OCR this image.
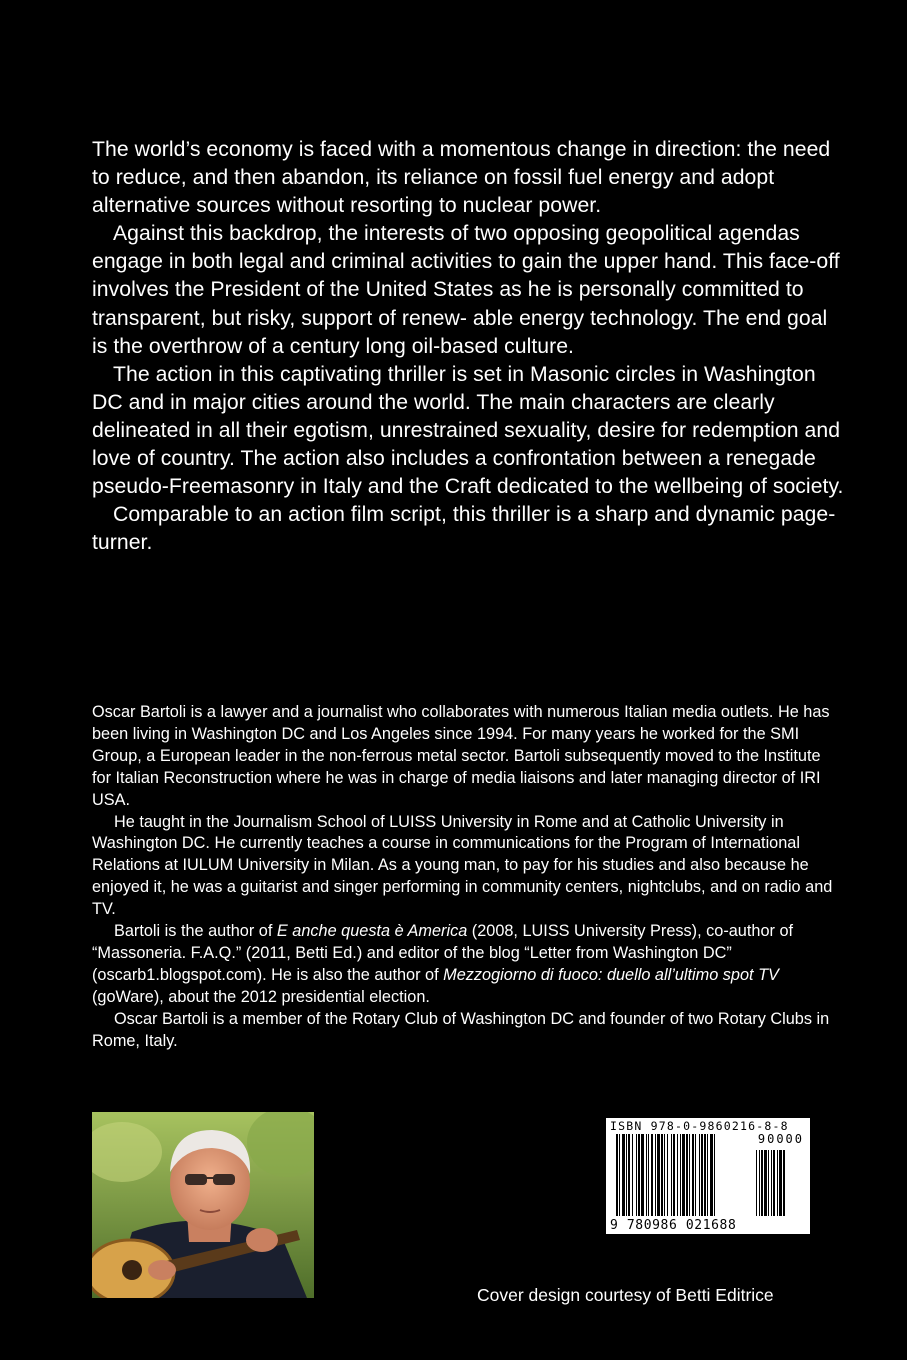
The world’s economy is faced with a momentous change in direction: the need to reduce, and then abandon, its reliance on fossil fuel energy and adopt alternative sources without resorting to nuclear power.

Against this backdrop, the interests of two opposing geopolitical agendas engage in both legal and criminal activities to gain the upper hand. This face-off involves the President of the United States as he is personally committed to transparent, but risky, support of renew- able energy technology. The end goal is the overthrow of a century long oil-based culture.

The action in this captivating thriller is set in Masonic circles in Washington DC and in major cities around the world. The main characters are clearly delineated in all their egotism, unrestrained sexuality, desire for redemption and love of country. The action also includes a confrontation between a renegade pseudo-Freemasonry in Italy and the Craft dedicated to the wellbeing of society.

Comparable to an action film script, this thriller is a sharp and dynamic page-turner.

Oscar Bartoli is a lawyer and a journalist who collaborates with numerous Italian media outlets. He has been living in Washington DC and Los Angeles since 1994. For many years he worked for the SMI Group, a European leader in the non-ferrous metal sector. Bartoli subsequently moved to the Institute for Italian Reconstruction where he was in charge of media liaisons and later managing director of IRI USA.

He taught in the Journalism School of LUISS University in Rome and at Catholic University in Washington DC. He currently teaches a course in communications for the Program of International Relations at IULUM University in Milan. As a young man, to pay for his studies and also because he enjoyed it, he was a guitarist and singer performing in community centers, nightclubs, and on radio and TV.

Bartoli is the author of E anche questa è America (2008, LUISS University Press), co-author of “Massoneria. F.A.Q.” (2011, Betti Ed.) and editor of the blog “Letter from Washington DC” (oscarb1.blogspot.com). He is also the author of Mezzogiorno di fuoco: duello all’ultimo spot TV (goWare), about the 2012 presidential election.

Oscar Bartoli is a member of the Rotary Club of Washington DC and founder of two Rotary Clubs in Rome, Italy.

ISBN 978-0-9860216-8-8
90000
9 780986 021688
Cover design courtesy of Betti Editrice
